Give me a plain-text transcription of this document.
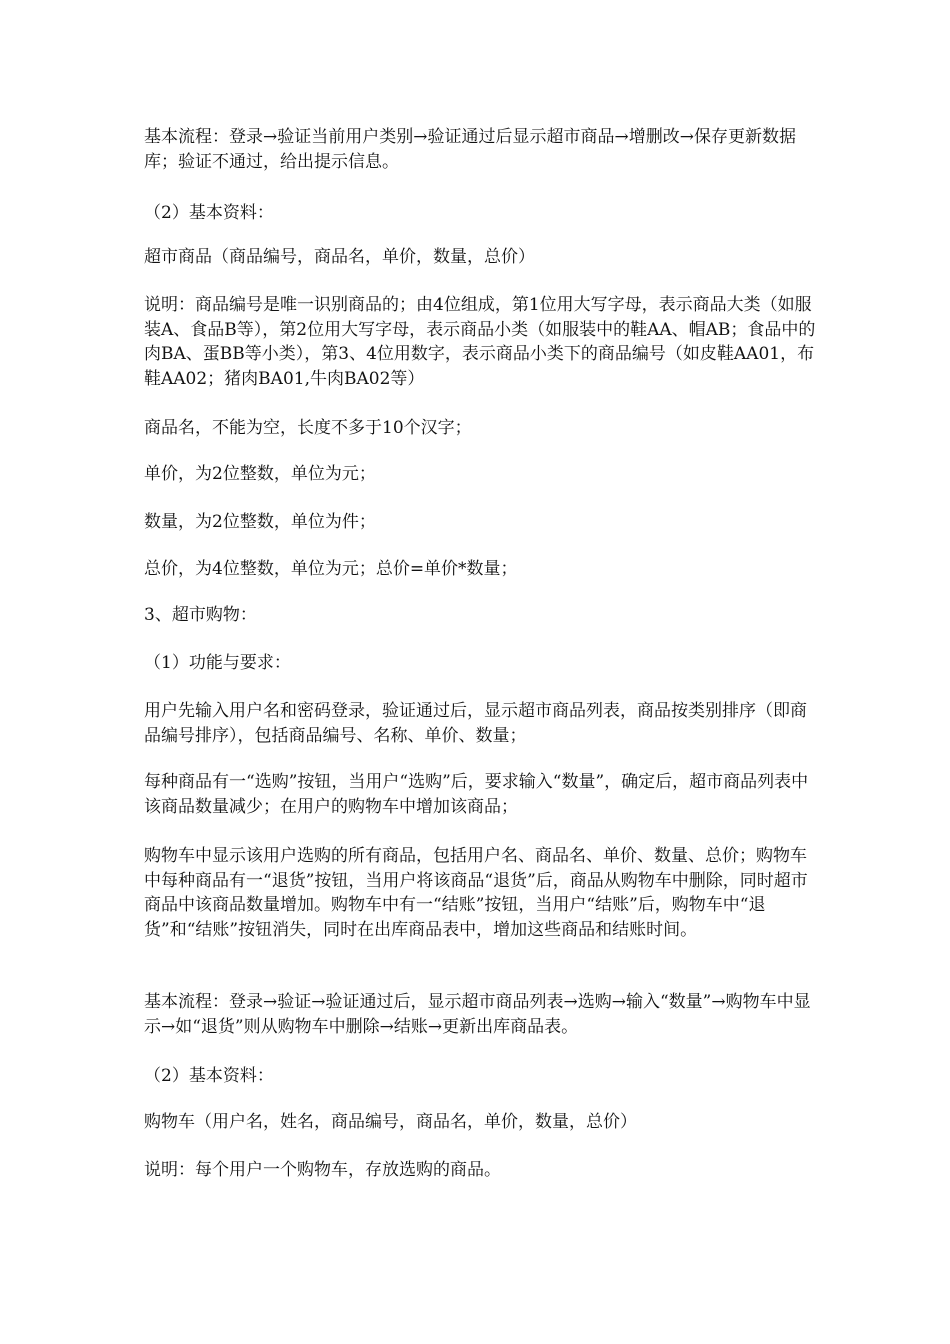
基本流程：登录→验证当前用户类别→验证通过后显示超市商品→增删改→保存更新数据库；验证不通过，给出提示信息。

（2）基本资料：

超市商品（商品编号，商品名，单价，数量，总价）

说明：商品编号是唯一识别商品的；由4位组成，第1位用大写字母，表示商品大类（如服装A、食品B等），第2位用大写字母，表示商品小类（如服装中的鞋AA、帽AB；食品中的肉BA、蛋BB等小类），第3、4位用数字，表示商品小类下的商品编号（如皮鞋AA01，布鞋AA02；猪肉BA01,牛肉BA02等）

商品名，不能为空，长度不多于10个汉字；

单价，为2位整数，单位为元；

数量，为2位整数，单位为件；

总价，为4位整数，单位为元；总价=单价*数量；

3、超市购物：

（1）功能与要求：

用户先输入用户名和密码登录，验证通过后，显示超市商品列表，商品按类别排序（即商品编号排序），包括商品编号、名称、单价、数量；

每种商品有一“选购”按钮，当用户“选购”后，要求输入“数量”，确定后，超市商品列表中该商品数量减少；在用户的购物车中增加该商品；

购物车中显示该用户选购的所有商品，包括用户名、商品名、单价、数量、总价；购物车中每种商品有一“退货”按钮，当用户将该商品“退货”后，商品从购物车中删除，同时超市商品中该商品数量增加。购物车中有一“结账”按钮，当用户“结账”后，购物车中“退货”和“结账”按钮消失，同时在出库商品表中，增加这些商品和结账时间。

基本流程：登录→验证→验证通过后，显示超市商品列表→选购→输入“数量”→购物车中显示→如“退货”则从购物车中删除→结账→更新出库商品表。

（2）基本资料：

购物车（用户名，姓名，商品编号，商品名，单价，数量，总价）

说明：每个用户一个购物车，存放选购的商品。
